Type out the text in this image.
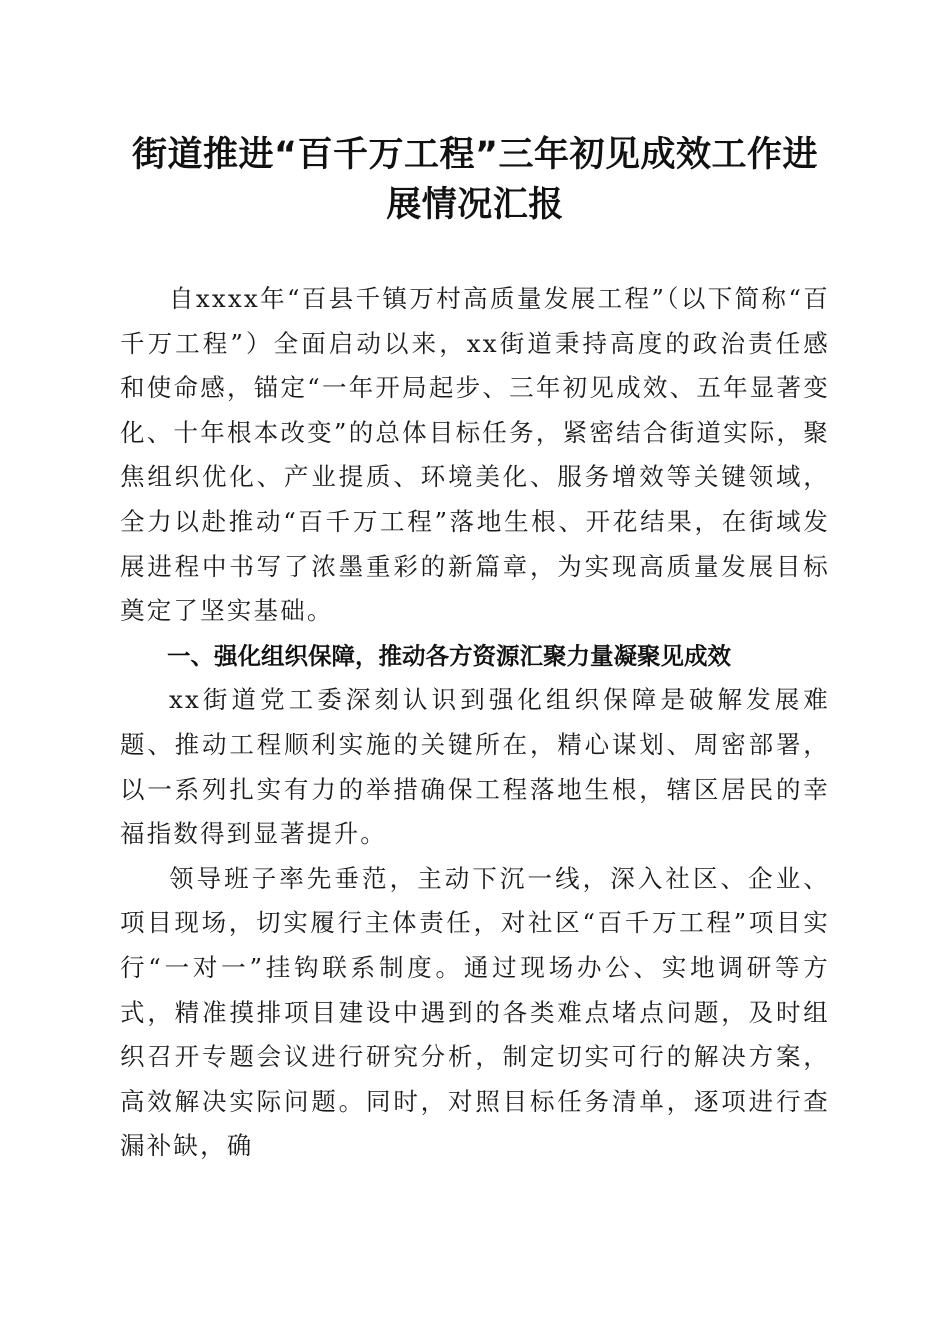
街道推进“百千万工程”三年初见成效工作进
展情况汇报

自xxxx年“百县千镇万村高质量发展工程”（以下简称“百千万工程”）全面启动以来，xx街道秉持高度的政治责任感和使命感，锚定“一年开局起步、三年初见成效、五年显著变化、十年根本改变”的总体目标任务，紧密结合街道实际，聚焦组织优化、产业提质、环境美化、服务增效等关键领域，全力以赴推动“百千万工程”落地生根、开花结果，在街域发展进程中书写了浓墨重彩的新篇章，为实现高质量发展目标奠定了坚实基础。

一、强化组织保障，推动各方资源汇聚力量凝聚见成效

xx街道党工委深刻认识到强化组织保障是破解发展难题、推动工程顺利实施的关键所在，精心谋划、周密部署，以一系列扎实有力的举措确保工程落地生根，辖区居民的幸福指数得到显著提升。

领导班子率先垂范，主动下沉一线，深入社区、企业、项目现场，切实履行主体责任，对社区“百千万工程”项目实行“一对一”挂钩联系制度。通过现场办公、实地调研等方式，精准摸排项目建设中遇到的各类难点堵点问题，及时组织召开专题会议进行研究分析，制定切实可行的解决方案，高效解决实际问题。同时，对照目标任务清单，逐项进行查漏补缺，确
